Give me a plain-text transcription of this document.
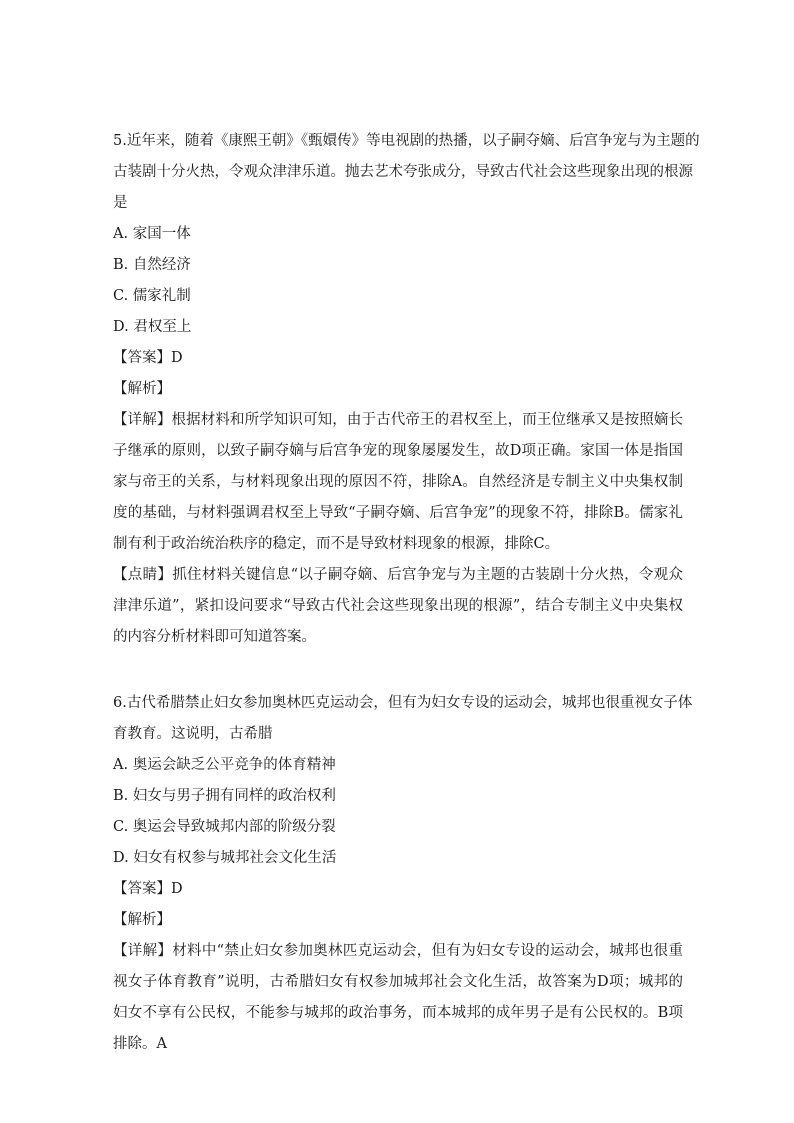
5.近年来，随着《康熙王朝》《甄嬛传》等电视剧的热播，以子嗣夺嫡、后宫争宠与为主题的
古装剧十分火热，令观众津津乐道。抛去艺术夸张成分，导致古代社会这些现象出现的根源
是
A. 家国一体
B. 自然经济
C. 儒家礼制
D. 君权至上
【答案】D
【解析】
【详解】根据材料和所学知识可知，由于古代帝王的君权至上，而王位继承又是按照嫡长子继承的原则，以致子嗣夺嫡与后宫争宠的现象屡屡发生，故D项正确。家国一体是指国家与帝王的关系，与材料现象出现的原因不符，排除A。自然经济是专制主义中央集权制度的基础，与材料强调君权至上导致“子嗣夺嫡、后宫争宠”的现象不符，排除B。儒家礼制有利于政治统治秩序的稳定，而不是导致材料现象的根源，排除C。
【点睛】抓住材料关键信息“以子嗣夺嫡、后宫争宠与为主题的古装剧十分火热，令观众津津乐道”，紧扣设问要求“导致古代社会这些现象出现的根源”，结合专制主义中央集权的内容分析材料即可知道答案。
6.古代希腊禁止妇女参加奥林匹克运动会，但有为妇女专设的运动会，城邦也很重视女子体
育教育。这说明，古希腊
A. 奥运会缺乏公平竞争的体育精神
B. 妇女与男子拥有同样的政治权利
C. 奥运会导致城邦内部的阶级分裂
D. 妇女有权参与城邦社会文化生活
【答案】D
【解析】
【详解】材料中“禁止妇女参加奥林匹克运动会，但有为妇女专设的运动会，城邦也很重视女子体育教育”说明，古希腊妇女有权参加城邦社会文化生活，故答案为D项；城邦的妇女不享有公民权，不能参与城邦的政治事务，而本城邦的成年男子是有公民权的。B项排除。A
